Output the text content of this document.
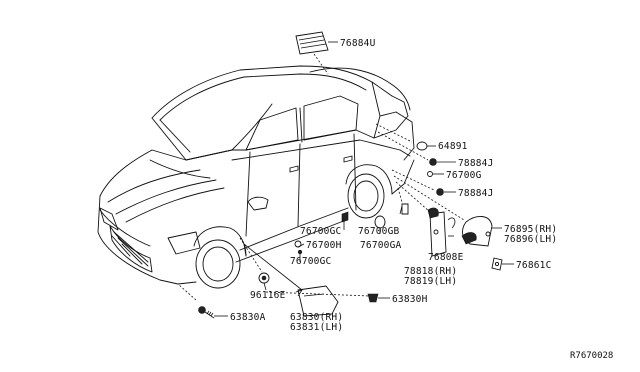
76884U
64891
78884J
76700G
78884J
76895(RH)
76896(LH)
76861C
76700GC 76700GB
76700H 76700GA
76808E
76700GC
78818(RH)
78819(LH)
96116E	63830H
63830A	63830(RH)
63831(LH)
R7670028
